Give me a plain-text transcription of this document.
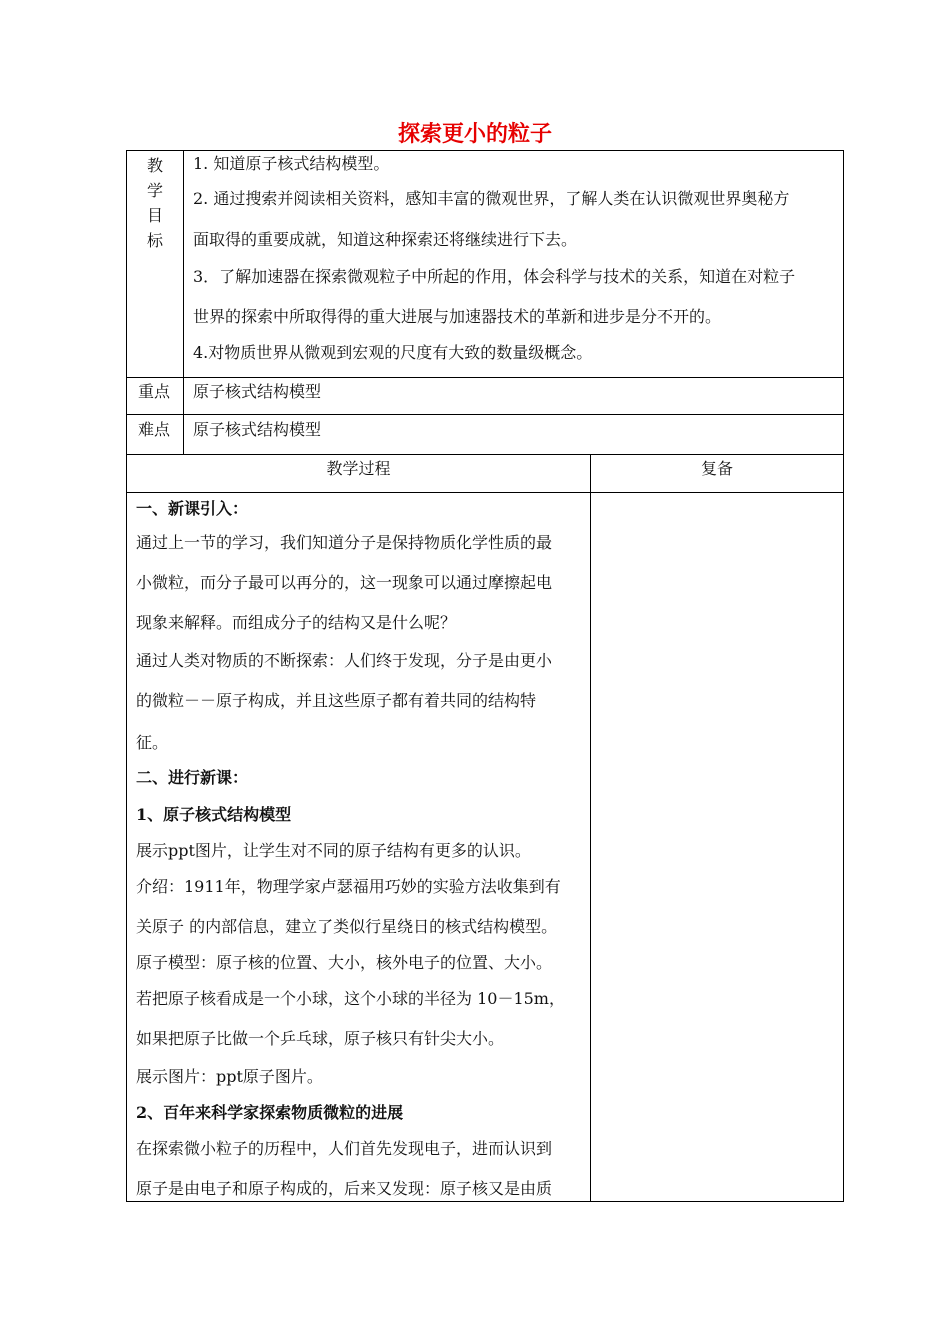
探索更小的粒子
教
学
目
标
1. 知道原子核式结构模型。
2. 通过搜索并阅读相关资料，感知丰富的微观世界，了解人类在认识微观世界奥秘方
面取得的重要成就，知道这种探索还将继续进行下去。
3．了解加速器在探索微观粒子中所起的作用，体会科学与技术的关系，知道在对粒子
世界的探索中所取得得的重大进展与加速器技术的革新和进步是分不开的。
4.对物质世界从微观到宏观的尺度有大致的数量级概念。
重点 原子核式结构模型
难点 原子核式结构模型
教学过程	复备
一、新课引入：
通过上一节的学习，我们知道分子是保持物质化学性质的最
小微粒，而分子最可以再分的，这一现象可以通过摩擦起电
现象来解释。而组成分子的结构又是什么呢？
通过人类对物质的不断探索：人们终于发现，分子是由更小
的微粒－－原子构成，并且这些原子都有着共同的结构特
征。
二、进行新课：
1、原子核式结构模型
展示ppt图片，让学生对不同的原子结构有更多的认识。
介绍：1911年，物理学家卢瑟福用巧妙的实验方法收集到有
关原子 的内部信息，建立了类似行星绕日的核式结构模型。
原子模型：原子核的位置、大小，核外电子的位置、大小。
若把原子核看成是一个小球，这个小球的半径为 10－15m，
如果把原子比做一个乒乓球，原子核只有针尖大小。
展示图片：ppt原子图片。
2、百年来科学家探索物质微粒的进展
在探索微小粒子的历程中，人们首先发现电子，进而认识到
原子是由电子和原子构成的，后来又发现：原子核又是由质
